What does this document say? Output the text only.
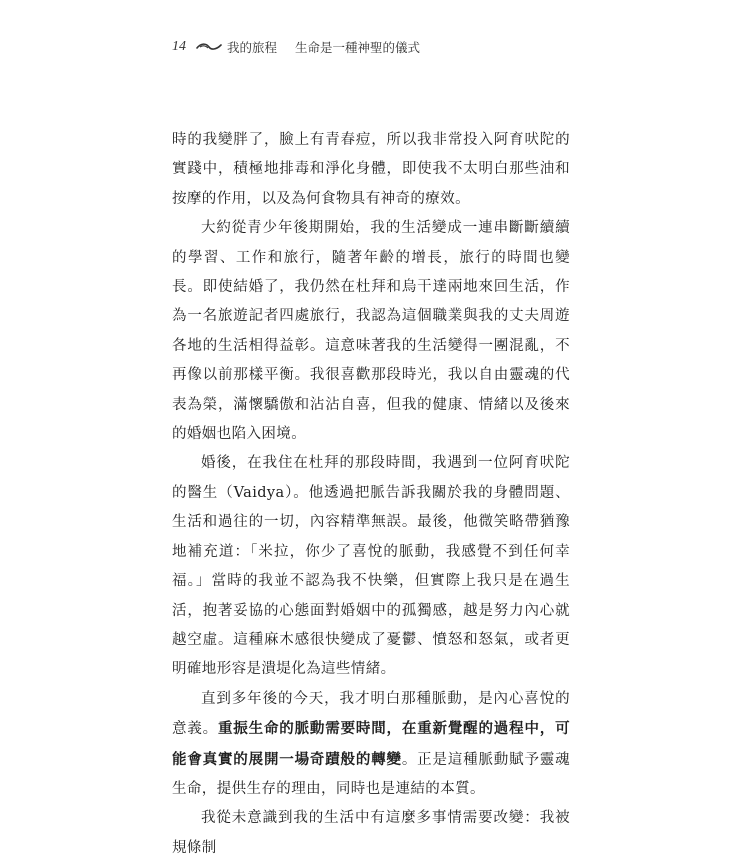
14	我的旅程 生命是一種神聖的儀式

時的我變胖了，臉上有青春痘，所以我非常投入阿育吠陀的實踐中，積極地排毒和淨化身體，即使我不太明白那些油和按摩的作用，以及為何食物具有神奇的療效。

大約從青少年後期開始，我的生活變成一連串斷斷續續的學習、工作和旅行，隨著年齡的增長，旅行的時間也變長。即使結婚了，我仍然在杜拜和烏干達兩地來回生活，作為一名旅遊記者四處旅行，我認為這個職業與我的丈夫周遊各地的生活相得益彰。這意味著我的生活變得一團混亂，不再像以前那樣平衡。我很喜歡那段時光，我以自由靈魂的代表為榮，滿懷驕傲和沾沾自喜，但我的健康、情緒以及後來的婚姻也陷入困境。

婚後，在我住在杜拜的那段時間，我遇到一位阿育吠陀的醫生（Vaidya）。他透過把脈告訴我關於我的身體問題、生活和過往的一切，內容精準無誤。最後，他微笑略帶猶豫地補充道：「米拉，你少了喜悅的脈動，我感覺不到任何幸福。」當時的我並不認為我不快樂，但實際上我只是在過生活，抱著妥協的心態面對婚姻中的孤獨感，越是努力內心就越空虛。這種麻木感很快變成了憂鬱、憤怒和怒氣，或者更明確地形容是潰堤化為這些情緒。

直到多年後的今天，我才明白那種脈動，是內心喜悅的意義。重振生命的脈動需要時間，在重新覺醒的過程中，可能會真實的展開一場奇蹟般的轉變。正是這種脈動賦予靈魂生命，提供生存的理由，同時也是連結的本質。

我從未意識到我的生活中有這麼多事情需要改變：我被規條制
